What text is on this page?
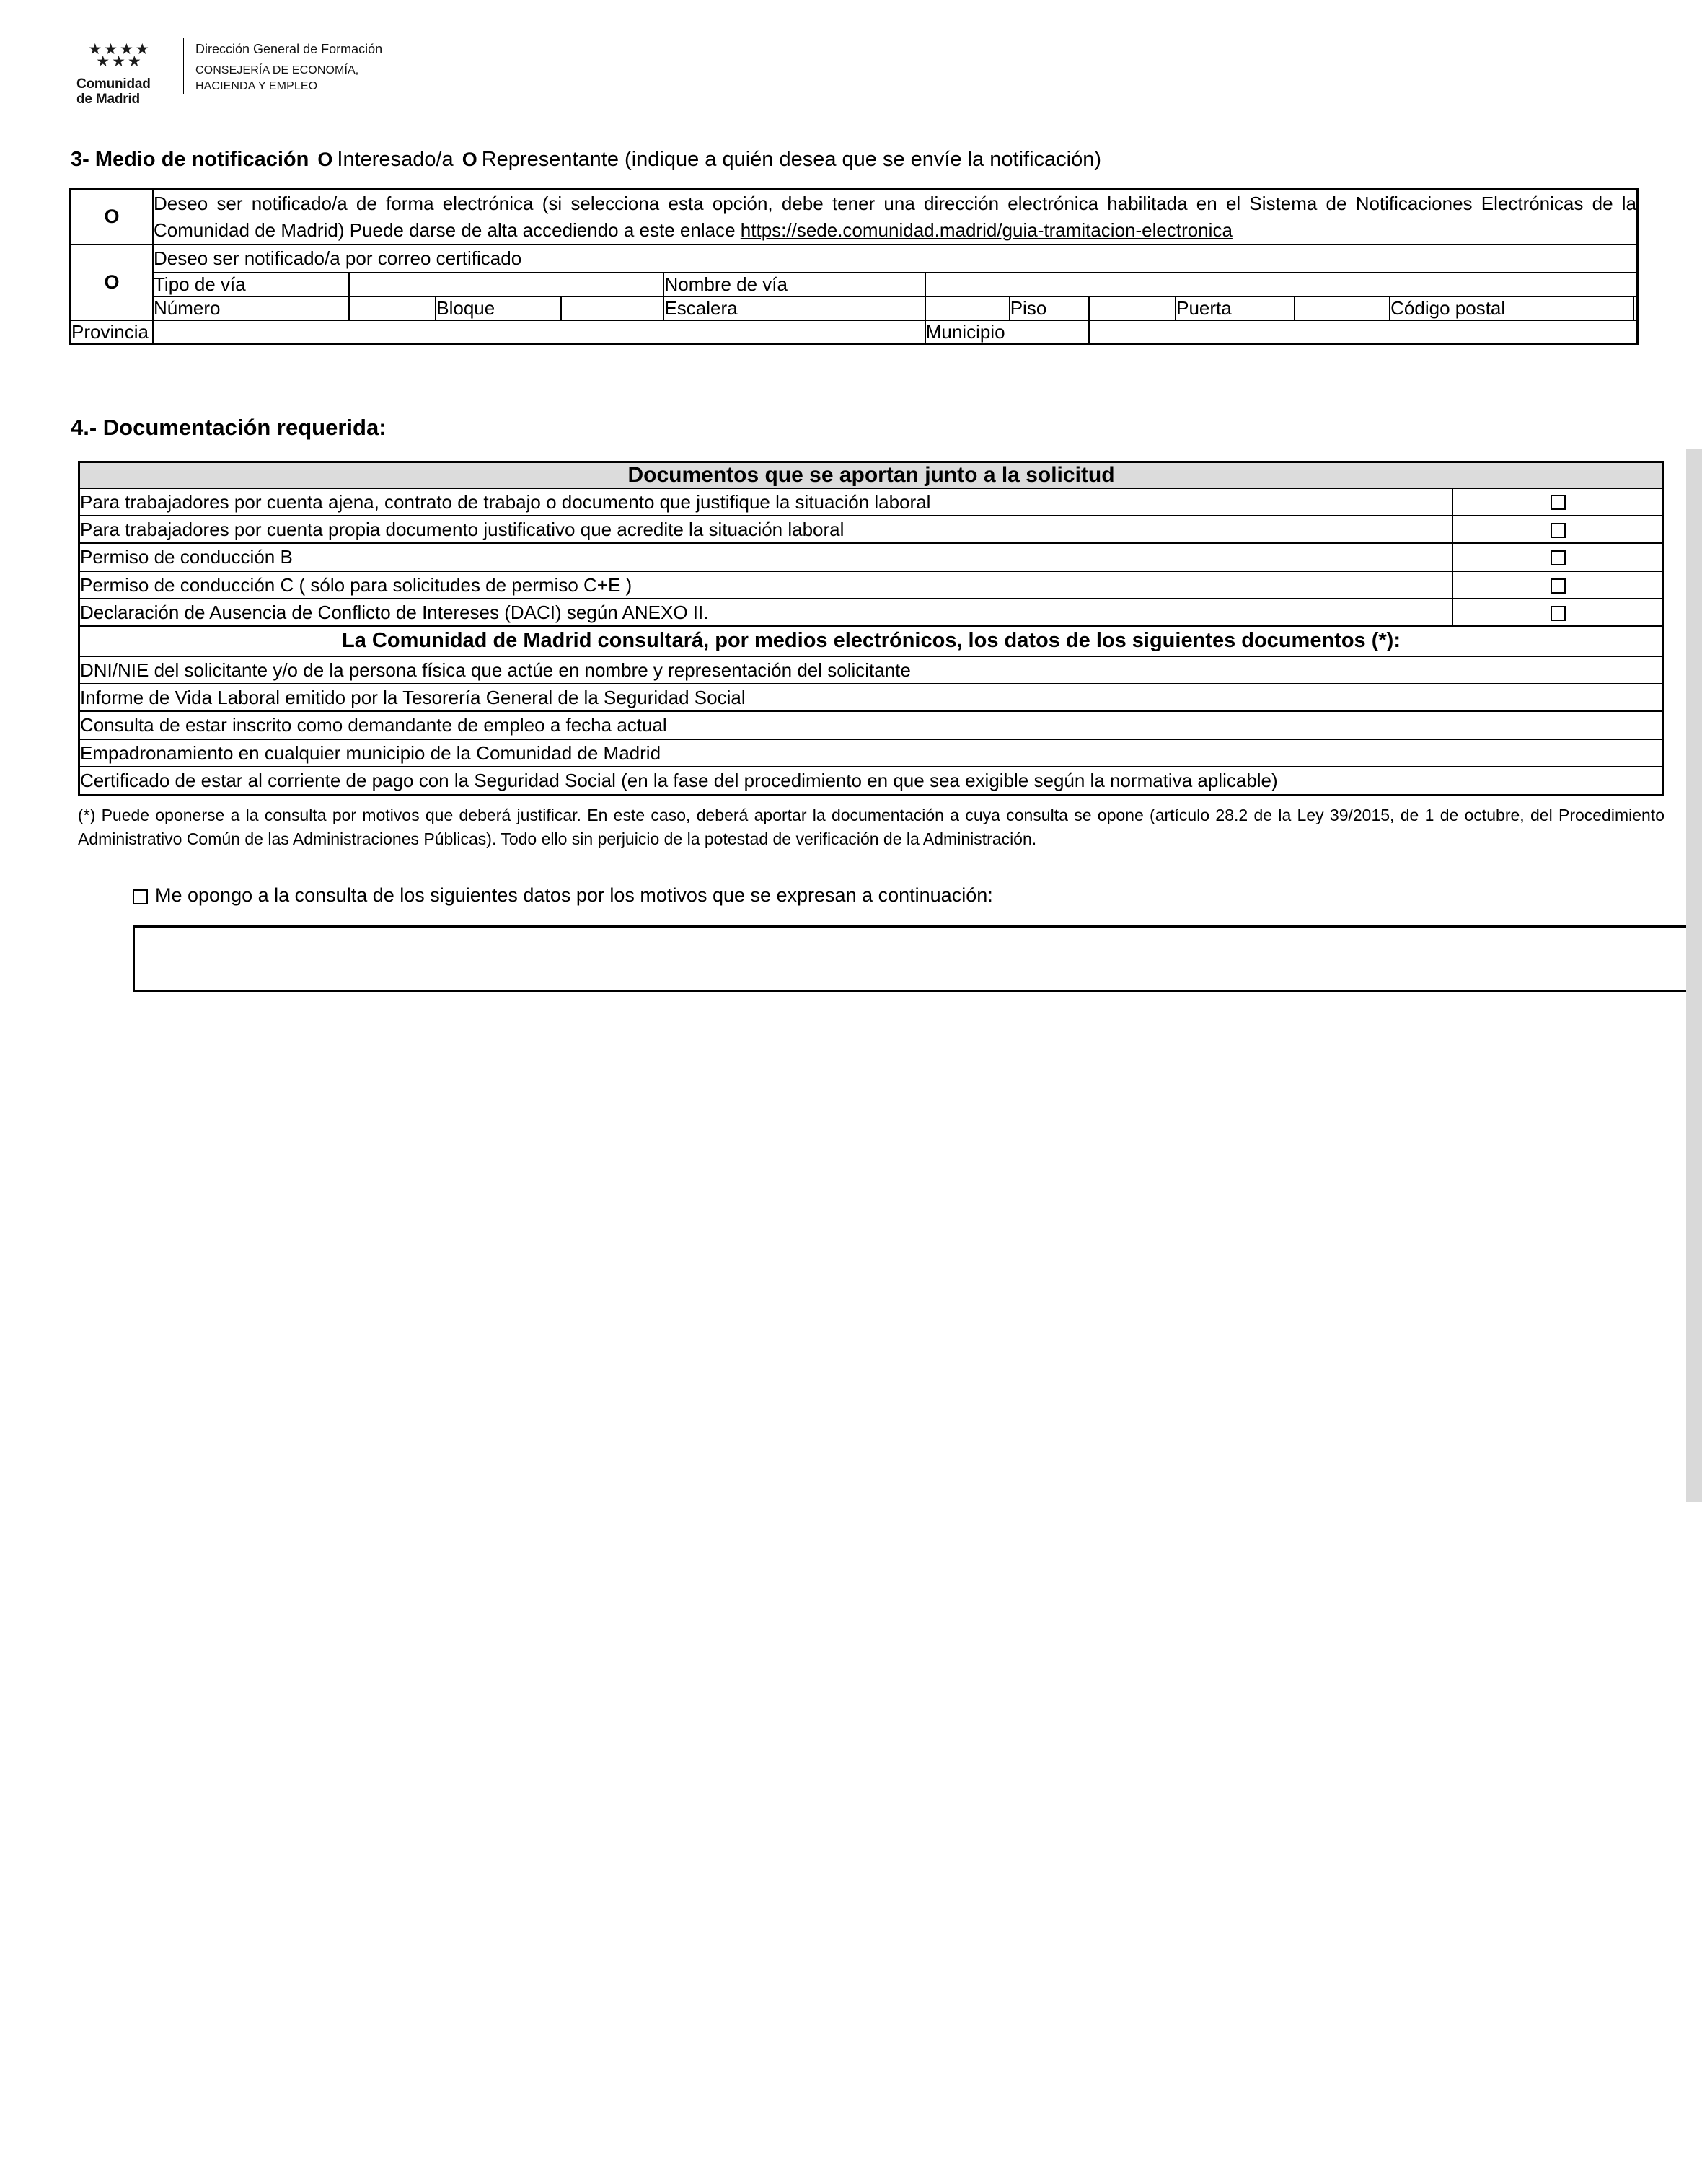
★★★★
★★★
Comunidad
de Madrid
Dirección General de Formación
CONSEJERÍA DE ECONOMÍA,
HACIENDA Y EMPLEO
3- Medio de notificación O Interesado/a O Representante (indique a quién desea que se envíe la notificación)
O	Deseo ser notificado/a de forma electrónica (si selecciona esta opción, debe tener una dirección electrónica habilitada en el Sistema de Notificaciones Electrónicas de la Comunidad de Madrid) Puede darse de alta accediendo a este enlace https://sede.comunidad.madrid/guia-tramitacion-electronica											
O	Deseo ser notificado/a por correo certificado											
	Tipo de vía				Nombre de vía							
	Número		Bloque		Escalera		Piso		Puerta		Código postal	
Provincia						Municipio						
4.- Documentación requerida:
Documentos que se aportan junto a la solicitud	
Para trabajadores por cuenta ajena, contrato de trabajo o documento que justifique la situación laboral	
Para trabajadores por cuenta propia documento justificativo que acredite la situación laboral	
Permiso de conducción B	
Permiso de conducción C ( sólo para solicitudes de permiso C+E )	
Declaración de Ausencia de Conflicto de Intereses (DACI) según ANEXO II.	
La Comunidad de Madrid consultará, por medios electrónicos, los datos de los siguientes documentos (*):	
DNI/NIE del solicitante y/o de la persona física que actúe en nombre y representación del solicitante	
Informe de Vida Laboral emitido por la Tesorería General de la Seguridad Social	
Consulta de estar inscrito como demandante de empleo a fecha actual	
Empadronamiento en cualquier municipio de la Comunidad de Madrid	
Certificado de estar al corriente de pago con la Seguridad Social (en la fase del procedimiento en que sea exigible según la normativa aplicable)	
(*) Puede oponerse a la consulta por motivos que deberá justificar. En este caso, deberá aportar la documentación a cuya consulta se opone (artículo 28.2 de la Ley 39/2015, de 1 de octubre, del Procedimiento Administrativo Común de las Administraciones Públicas). Todo ello sin perjuicio de la potestad de verificación de la Administración.
Me opongo a la consulta de los siguientes datos por los motivos que se expresan a continuación:
